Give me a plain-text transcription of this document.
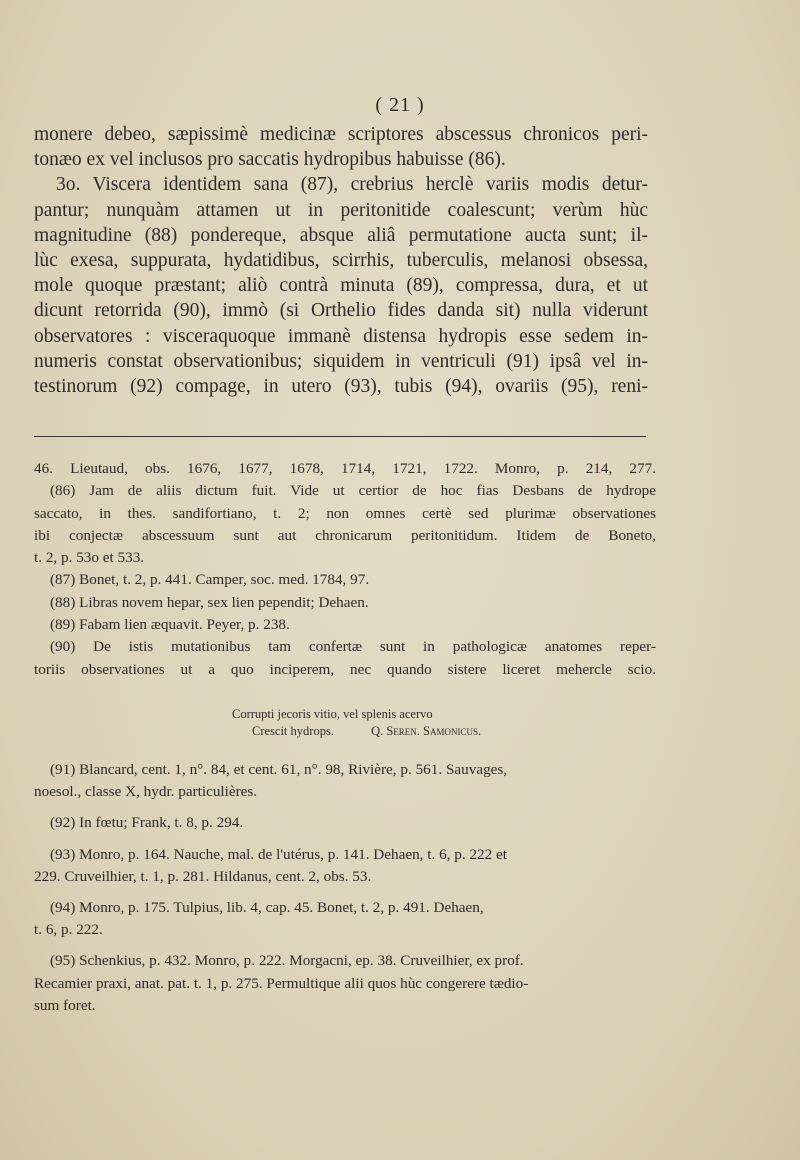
( 21 )
monere debeo, sæpissimè medicinæ scriptores abscessus chronicos peri-
tonæo ex vel inclusos pro saccatis hydropibus habuisse (86).
3o. Viscera identidem sana (87), crebrius herclè variis modis detur-
pantur; nunquàm attamen ut in peritonitide coalescunt; verùm hùc
magnitudine (88) pondereque, absque aliâ permutatione aucta sunt; il-
lùc exesa, suppurata, hydatidibus, scirrhis, tuberculis, melanosi obsessa,
mole quoque præstant; aliò contrà minuta (89), compressa, dura, et ut
dicunt retorrida (90), immò (si Orthelio fides danda sit) nulla viderunt
observatores : visceraquoque immanè distensa hydropis esse sedem in-
numeris constat observationibus; siquidem in ventriculi (91) ipsâ vel in-
testinorum (92) compage, in utero (93), tubis (94), ovariis (95), reni-
46. Lieutaud, obs. 1676, 1677, 1678, 1714, 1721, 1722. Monro, p. 214, 277.
(86) Jam de aliis dictum fuit. Vide ut certior de hoc fias Desbans de hydrope
saccato, in thes. sandifortiano, t. 2; non omnes certè sed plurimæ observationes
ibi conjectæ abscessuum sunt aut chronicarum peritonitidum. Itidem de Boneto,
t. 2, p. 53o et 533.
(87) Bonet, t. 2, p. 441. Camper, soc. med. 1784, 97.
(88) Libras novem hepar, sex lien pependit; Dehaen.
(89) Fabam lien æquavit. Peyer, p. 238.
(90) De istis mutationibus tam confertæ sunt in pathologicæ anatomes reper-
toriis observationes ut a quo inciperem, nec quando sistere liceret mehercle scio.
Corrupti jecoris vitio, vel splenis acervo
Crescit hydrops.	Q. Seren. Samonicus.
(91) Blancard, cent. 1, n°. 84, et cent. 61, n°. 98, Rivière, p. 561. Sauvages,
noesol., classe X, hydr. particulières.
(92) In fœtu; Frank, t. 8, p. 294.
(93) Monro, p. 164. Nauche, mal. de l'utérus, p. 141. Dehaen, t. 6, p. 222 et
229. Cruveilhier, t. 1, p. 281. Hildanus, cent. 2, obs. 53.
(94) Monro, p. 175. Tulpius, lib. 4, cap. 45. Bonet, t. 2, p. 491. Dehaen,
t. 6, p. 222.
(95) Schenkius, p. 432. Monro, p. 222. Morgacni, ep. 38. Cruveilhier, ex prof.
Recamier praxi, anat. pat. t. 1, p. 275. Permultique alii quos hùc congerere tædio-
sum foret.
